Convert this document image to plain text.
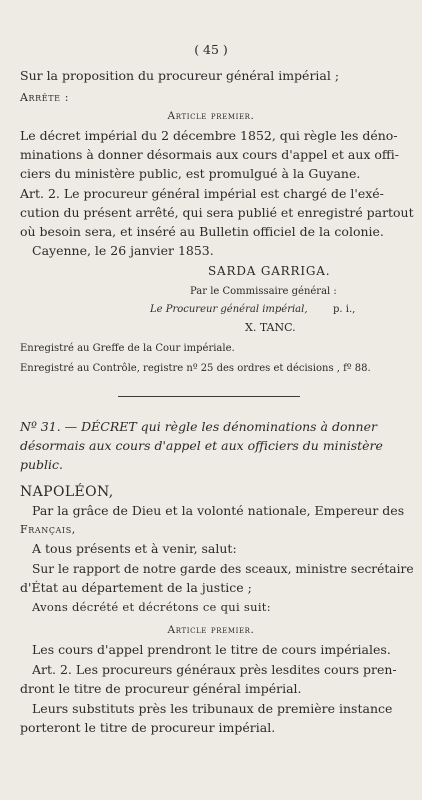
( 45 )
Sur la proposition du procureur général impérial ;
Arrête :
Article premier.
Le décret impérial du 2 décembre 1852, qui règle les déno-
minations à donner désormais aux cours d'appel et aux offi-
ciers du ministère public, est promulgué à la Guyane.
Art. 2. Le procureur général impérial est chargé de l'exé-
cution du présent arrêté, qui sera publié et enregistré partout
où besoin sera, et inséré au Bulletin officiel de la colonie.
Cayenne, le 26 janvier 1853.
SARDA GARRIGA.
Par le Commissaire général :
Le Procureur général impérial,	p. i.,
X. TANC.
Enregistré au Greffe de la Cour impériale.
Enregistré au Contrôle, registre nº 25 des ordres et décisions , fº 88.
Nº 31. — DÉCRET qui règle les dénominations à donner
désormais aux cours d'appel et aux officiers du ministère
public.
NAPOLÉON,
Par la grâce de Dieu et la volonté nationale, Empereur des
Français,
A tous présents et à venir, salut:
Sur le rapport de notre garde des sceaux, ministre secrétaire
d'État au département de la justice ;
Avons décrété et décrétons ce qui suit:
Article premier.
Les cours d'appel prendront le titre de cours impériales.
Art. 2. Les procureurs généraux près lesdites cours pren-
dront le titre de procureur général impérial.
Leurs substituts près les tribunaux de première instance
porteront le titre de procureur impérial.
